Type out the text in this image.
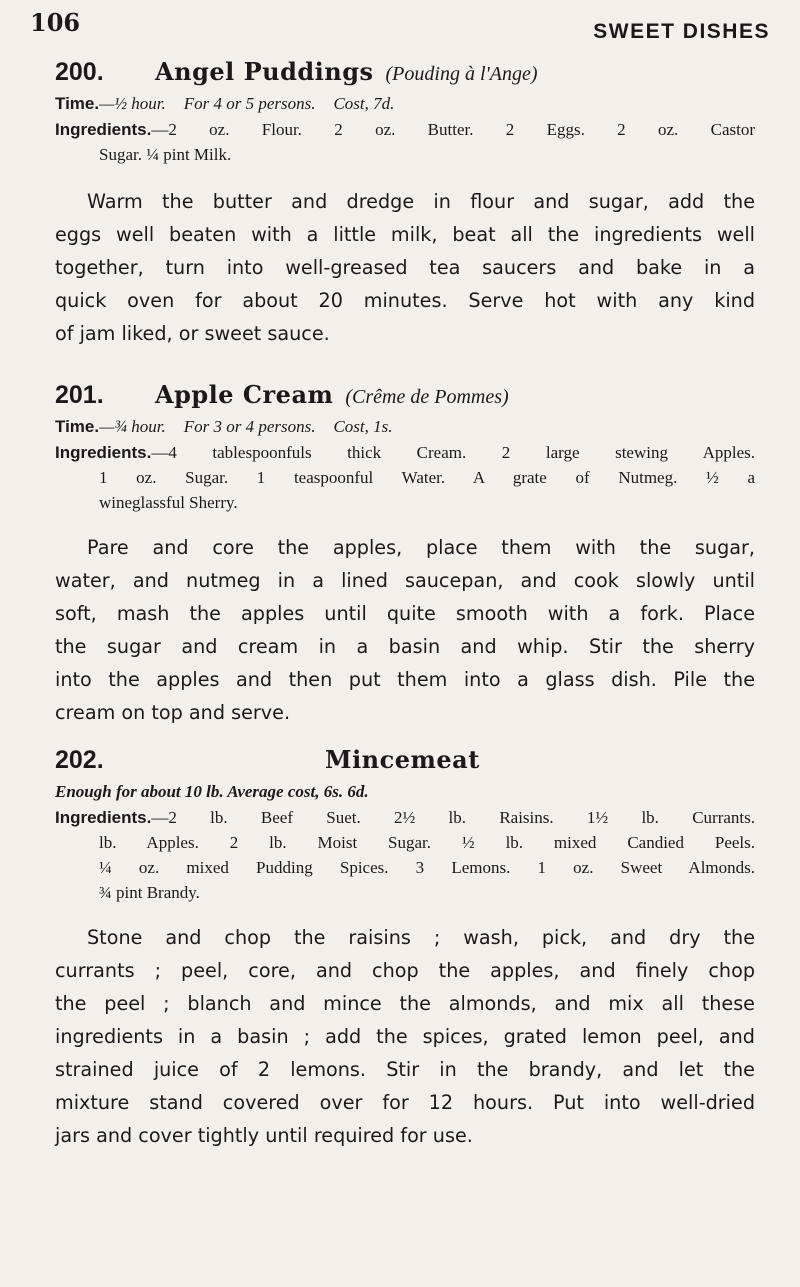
106	SWEET DISHES
200.	Angel Puddings (Pouding à l'Ange)
Time.—½ hour. For 4 or 5 persons. Cost, 7d.
Ingredients.—2 oz. Flour. 2 oz. Butter. 2 Eggs. 2 oz. Castor
Sugar. ¼ pint Milk.
Warm the butter and dredge in flour and sugar, add the
eggs well beaten with a little milk, beat all the ingredients well
together, turn into well-greased tea saucers and bake in a
quick oven for about 20 minutes. Serve hot with any kind
of jam liked, or sweet sauce.
201.	Apple Cream (Crême de Pommes)
Time.—¾ hour. For 3 or 4 persons. Cost, 1s.
Ingredients.—4 tablespoonfuls thick Cream. 2 large stewing Apples.
1 oz. Sugar. 1 teaspoonful Water. A grate of Nutmeg. ½ a
wineglassful Sherry.
Pare and core the apples, place them with the sugar,
water, and nutmeg in a lined saucepan, and cook slowly until
soft, mash the apples until quite smooth with a fork. Place
the sugar and cream in a basin and whip. Stir the sherry
into the apples and then put them into a glass dish. Pile the
cream on top and serve.
202.	Mincemeat
Enough for about 10 lb. Average cost, 6s. 6d.
Ingredients.—2 lb. Beef Suet. 2½ lb. Raisins. 1½ lb. Currants.
lb. Apples. 2 lb. Moist Sugar. ½ lb. mixed Candied Peels.
¼ oz. mixed Pudding Spices. 3 Lemons. 1 oz. Sweet Almonds.
¾ pint Brandy.
Stone and chop the raisins ; wash, pick, and dry the
currants ; peel, core, and chop the apples, and finely chop
the peel ; blanch and mince the almonds, and mix all these
ingredients in a basin ; add the spices, grated lemon peel, and
strained juice of 2 lemons. Stir in the brandy, and let the
mixture stand covered over for 12 hours. Put into well-dried
jars and cover tightly until required for use.
